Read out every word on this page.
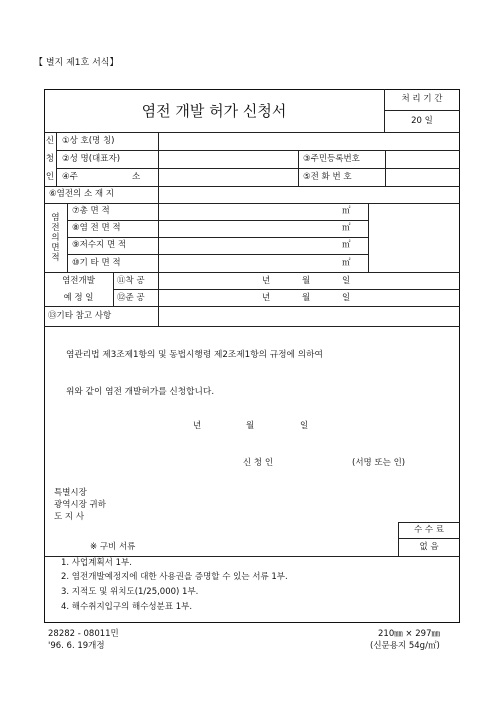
【 별지 제1호 서식】
염전 개발 허가 신청서
처 리 기 간
20 일
신
청
인
①상 호(명 칭)
②성 명(대표자)	③주민등록번호
④주	소	⑤전 화 번 호
⑥염전의 소 재 지
염
전
의
면
적
⑦총 면 적	㎡
⑧염 전 면 적	㎡
⑨저수지 면 적	㎡
⑩기 타 면 적	㎡
염전개발
예 정 일
⑪착 공	년	월	일
⑫준 공	년	월	일
⑬기타 참고 사항
염관리법 제3조제1항의 및 동법시행령 제2조제1항의 규정에 의하여
위와 같이 염전 개발허가를 신청합니다.
년	월	일
신 청 인	(서명 또는 인)
특별시장
광역시장 귀하
도 지 사
수 수 료
없 음
※ 구비 서류
1. 사업계획서 1부.
2. 염전개발예정지에 대한 사용권을 증명할 수 있는 서류 1부.
3. 지적도 및 위치도(1/25,000) 1부.
4. 해수취지입구의 해수성분표 1부.
28282 - 08011민
'96. 6. 19개정
210㎜ × 297㎜
(신문용지 54g/㎡)
